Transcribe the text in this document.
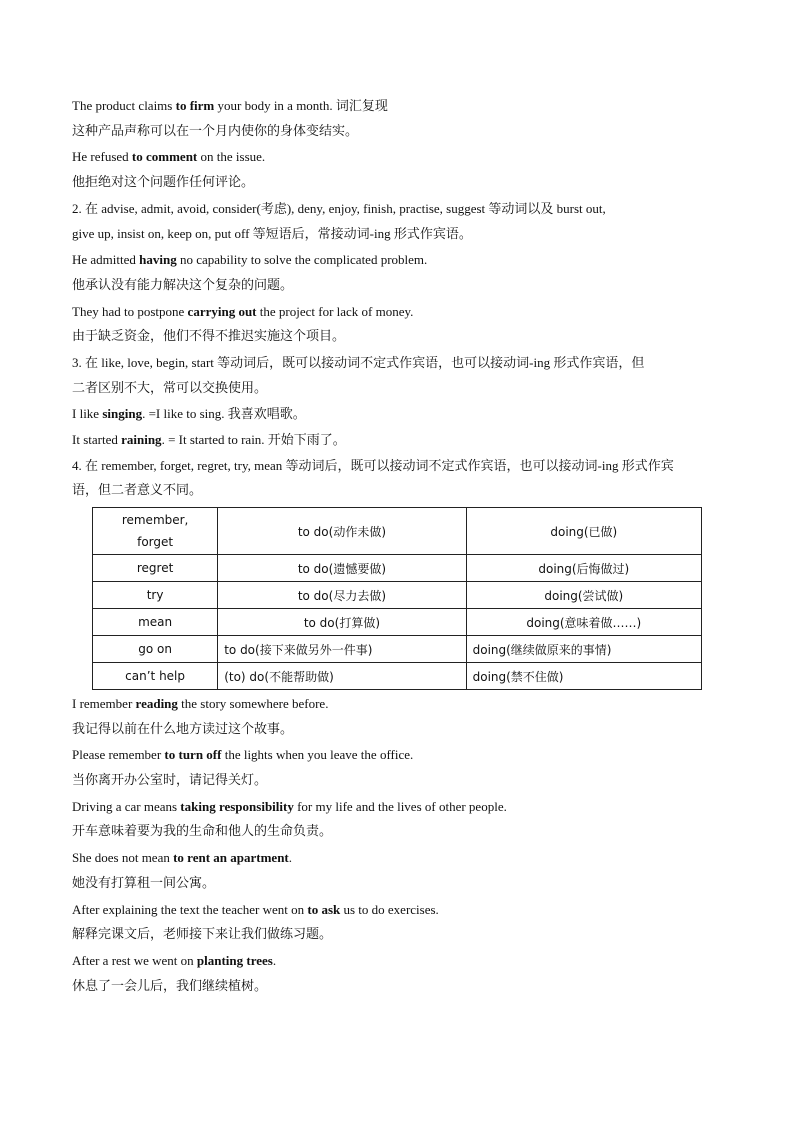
The product claims to firm your body in a month. 词汇复现
这种产品声称可以在一个月内使你的身体变结实。
He refused to comment on the issue.
他拒绝对这个问题作任何评论。
2. 在 advise, admit, avoid, consider(考虑), deny, enjoy, finish, practise, suggest 等动词以及 burst out,
give up, insist on, keep on, put off 等短语后，常接动词-ing 形式作宾语。
He admitted having no capability to solve the complicated problem.
他承认没有能力解决这个复杂的问题。
They had to postpone carrying out the project for lack of money.
由于缺乏资金，他们不得不推迟实施这个项目。
3. 在 like, love, begin, start 等动词后，既可以接动词不定式作宾语，也可以接动词-ing 形式作宾语，但
二者区别不大，常可以交换使用。
I like singing. =I like to sing. 我喜欢唱歌。
It started raining. = It started to rain. 开始下雨了。
4. 在 remember, forget, regret, try, mean 等动词后，既可以接动词不定式作宾语，也可以接动词-ing 形式作宾
语，但二者意义不同。
remember,
forget	to do(动作未做)	doing(已做)
regret	to do(遗憾要做)	doing(后悔做过)
try	to do(尽力去做)	doing(尝试做)
mean	to do(打算做)	doing(意味着做……)
go on	to do(接下来做另外一件事)	doing(继续做原来的事情)
can’t help	(to) do(不能帮助做)	doing(禁不住做)
I remember reading the story somewhere before.
我记得以前在什么地方读过这个故事。
Please remember to turn off the lights when you leave the office.
当你离开办公室时，请记得关灯。
Driving a car means taking responsibility for my life and the lives of other people.
开车意味着要为我的生命和他人的生命负责。
She does not mean to rent an apartment.
她没有打算租一间公寓。
After explaining the text the teacher went on to ask us to do exercises.
解释完课文后，老师接下来让我们做练习题。
After a rest we went on planting trees.
休息了一会儿后，我们继续植树。
